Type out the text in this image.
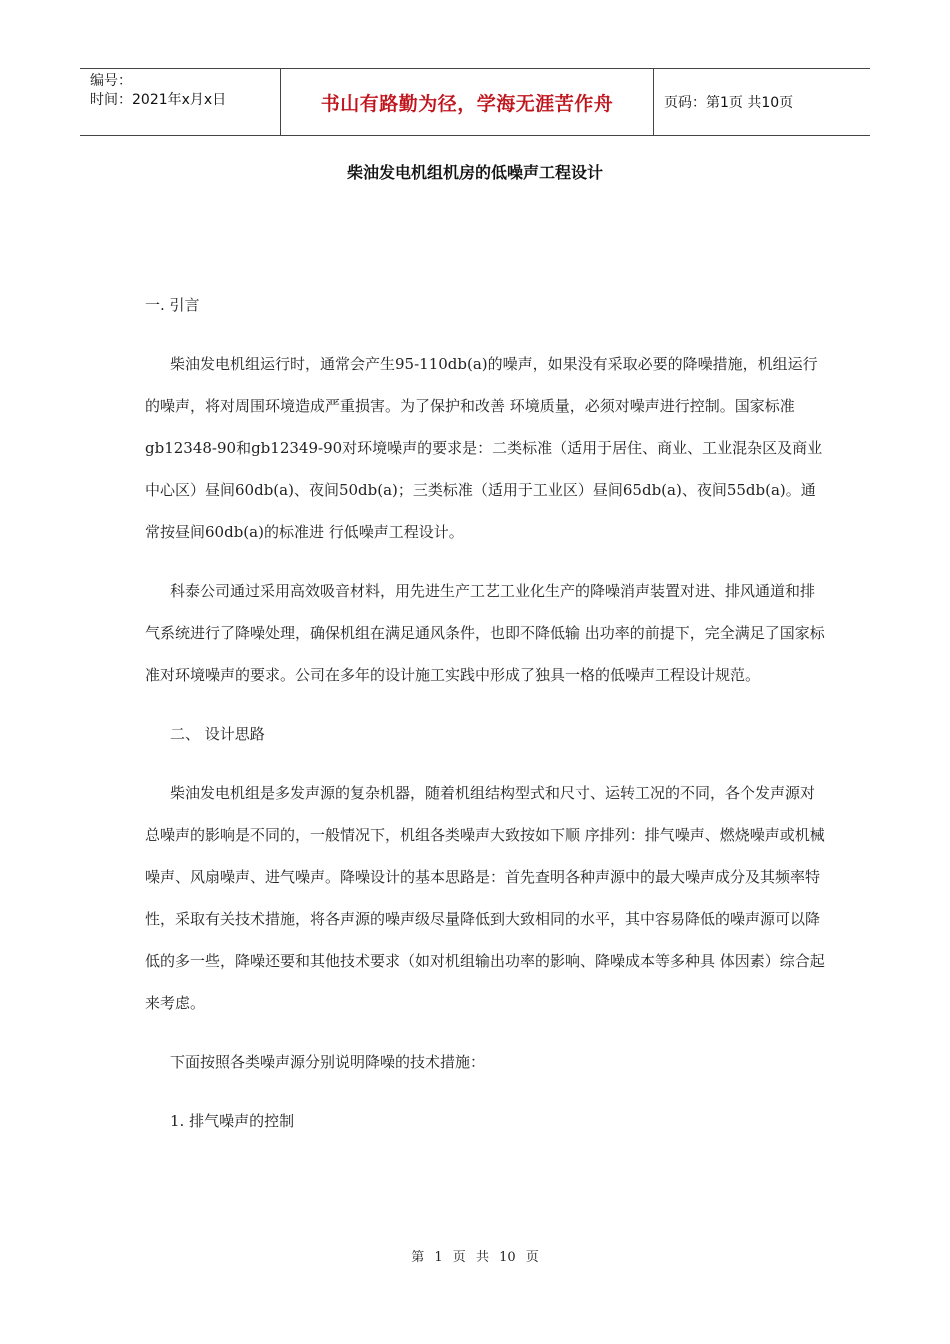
编号：
时间：2021年x月x日	书山有路勤为径，学海无涯苦作舟	页码：第1页 共10页
柴油发电机组机房的低噪声工程设计

一. 引言

柴油发电机组运行时，通常会产生95-110db(a)的噪声，如果没有采取必要的降噪措施，机组运行的噪声，将对周围环境造成严重损害。为了保护和改善 环境质量，必须对噪声进行控制。国家标准gb12348-90和gb12349-90对环境噪声的要求是：二类标准（适用于居住、商业、工业混杂区及商业中心区）昼间60db(a)、夜间50db(a)；三类标准（适用于工业区）昼间65db(a)、夜间55db(a)。通常按昼间60db(a)的标准进 行低噪声工程设计。

科泰公司通过采用高效吸音材料，用先进生产工艺工业化生产的降噪消声装置对进、排风通道和排气系统进行了降噪处理，确保机组在满足通风条件，也即不降低输 出功率的前提下，完全满足了国家标准对环境噪声的要求。公司在多年的设计施工实践中形成了独具一格的低噪声工程设计规范。

二、 设计思路

柴油发电机组是多发声源的复杂机器，随着机组结构型式和尺寸、运转工况的不同，各个发声源对总噪声的影响是不同的，一般情况下，机组各类噪声大致按如下顺 序排列：排气噪声、燃烧噪声或机械噪声、风扇噪声、进气噪声。降噪设计的基本思路是：首先查明各种声源中的最大噪声成分及其频率特性，采取有关技术措施，将各声源的噪声级尽量降低到大致相同的水平，其中容易降低的噪声源可以降低的多一些，降噪还要和其他技术要求（如对机组输出功率的影响、降噪成本等多种具 体因素）综合起来考虑。

下面按照各类噪声源分别说明降噪的技术措施：

1. 排气噪声的控制

第 1 页 共 10 页
